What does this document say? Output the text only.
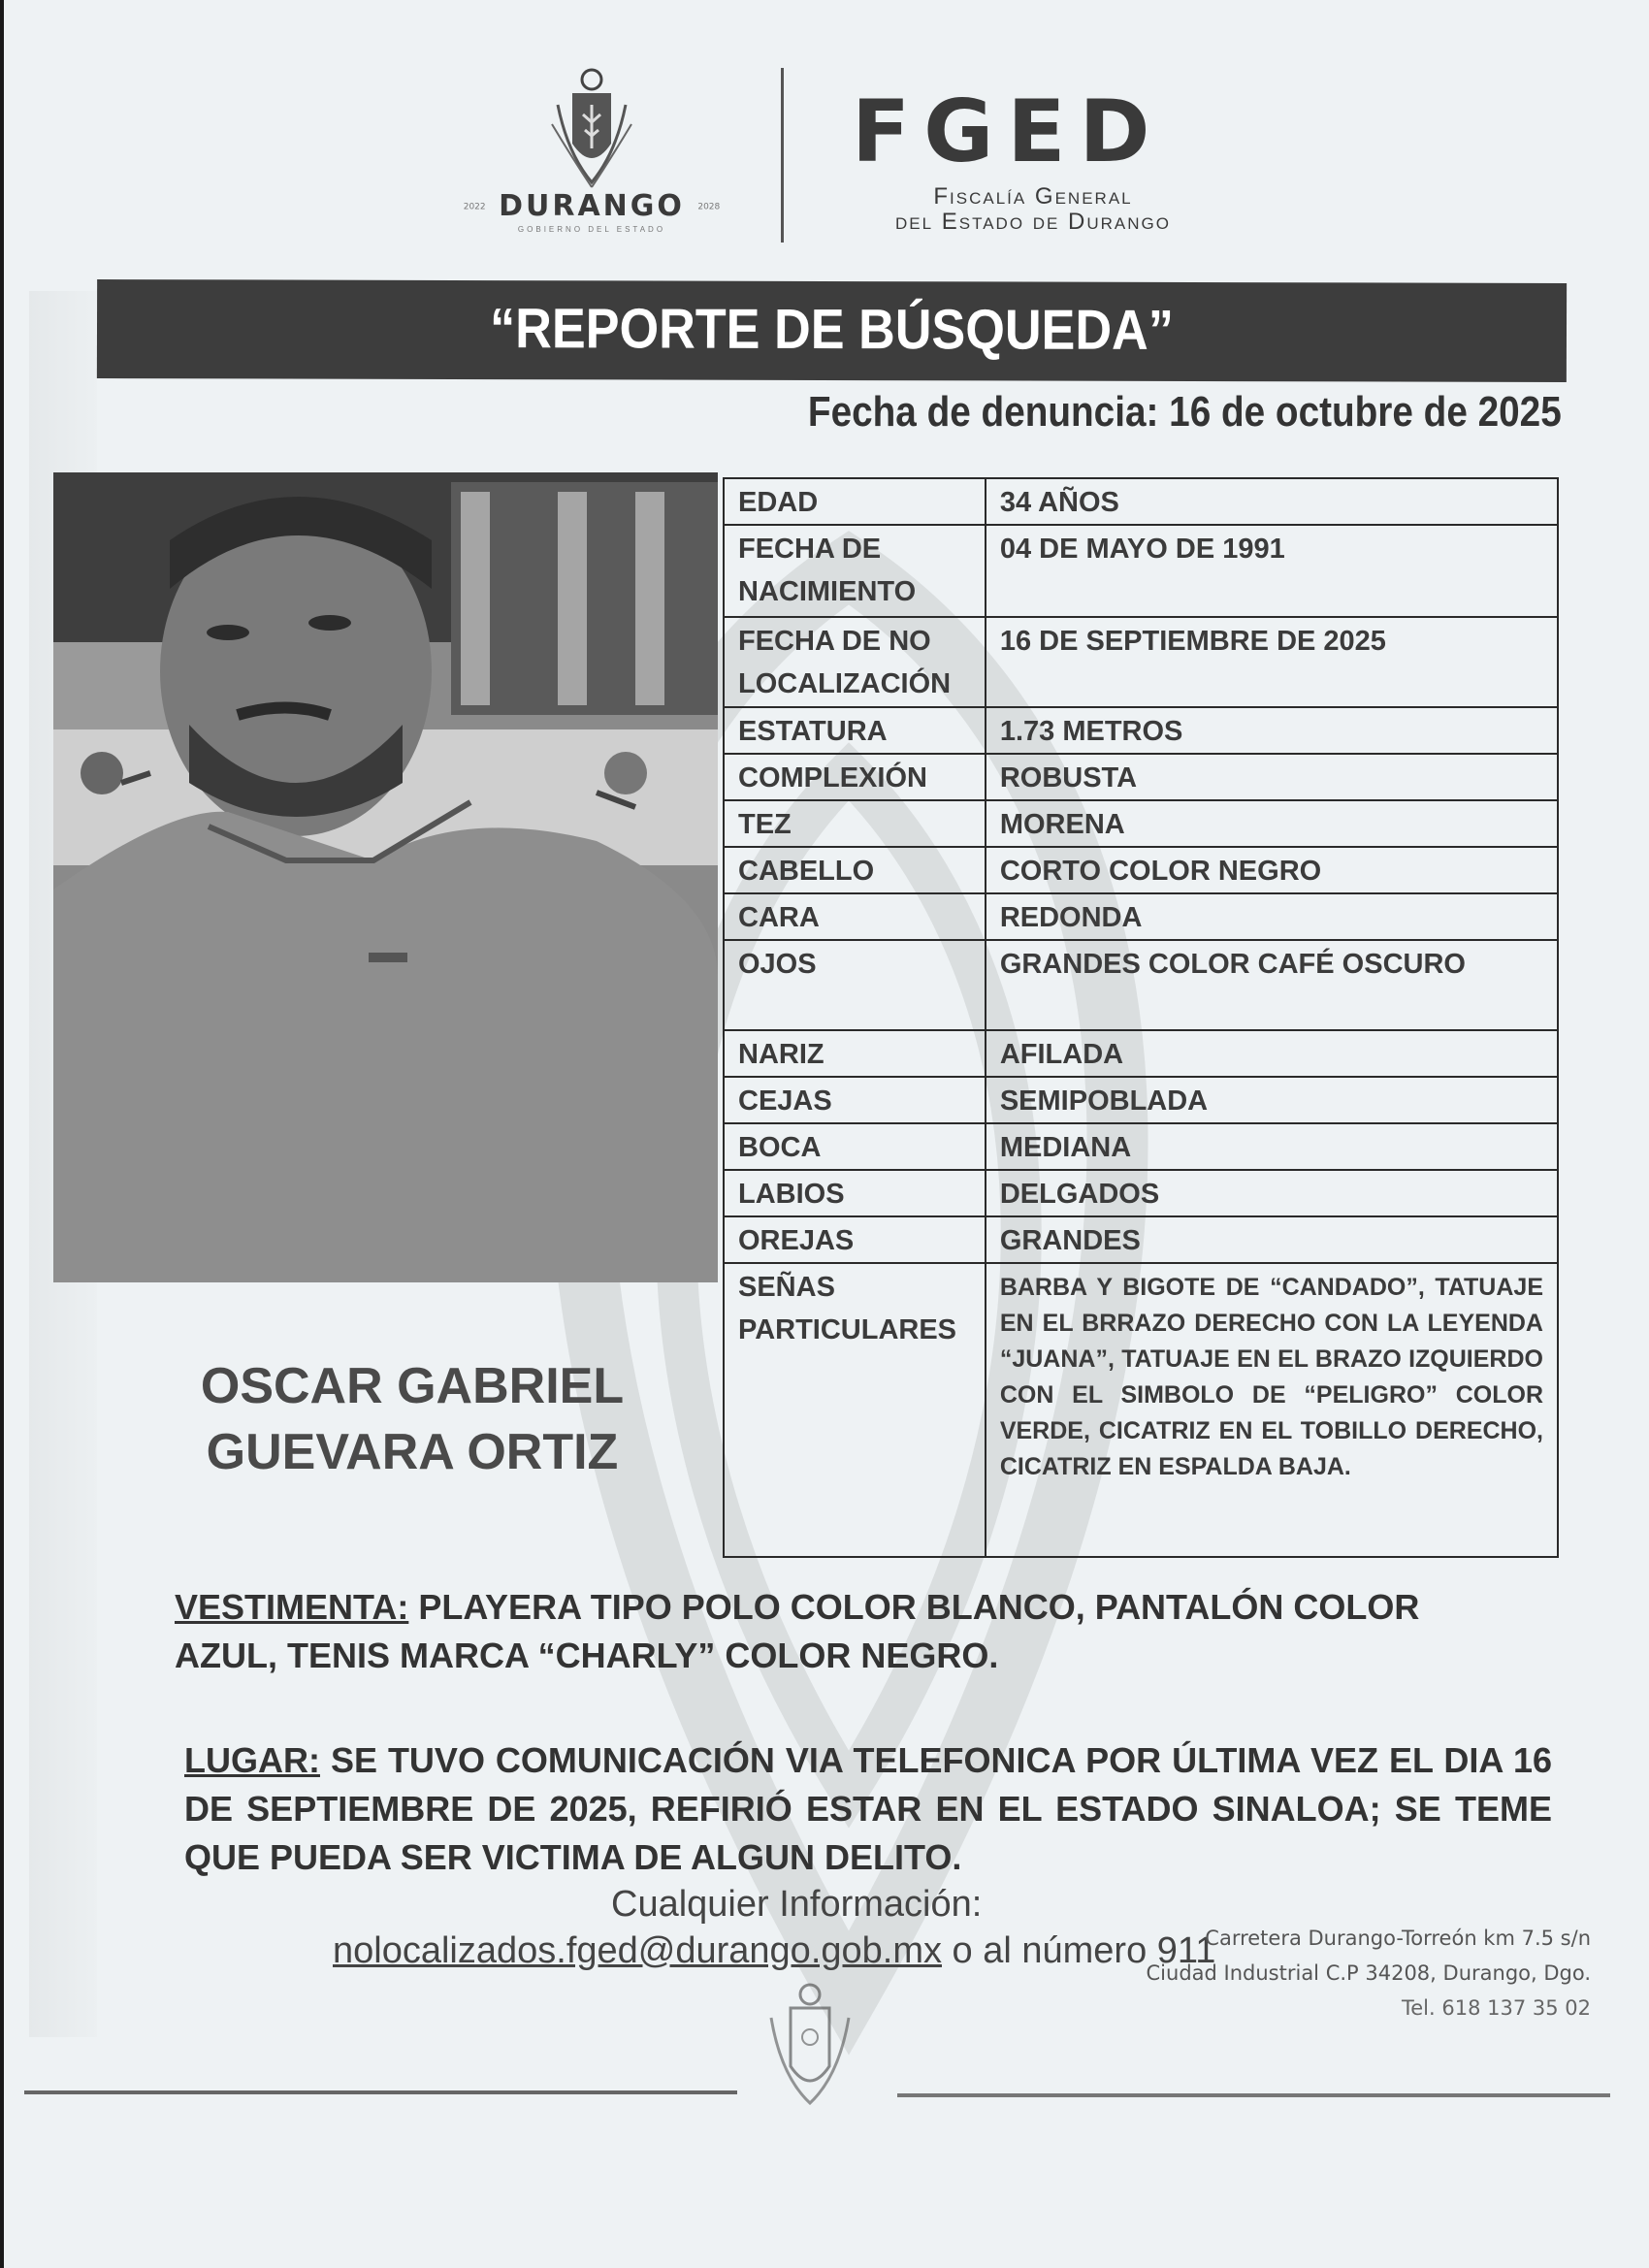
2022 DURANGO 2028
GOBIERNO DEL ESTADO
FGED
Fiscalía General
del Estado de Durango
“REPORTE DE BÚSQUEDA”
Fecha de denuncia: 16 de octubre de 2025
EDAD	34 AÑOS
FECHA DE NACIMIENTO	04 DE MAYO DE 1991
FECHA DE NO LOCALIZACIÓN	16 DE SEPTIEMBRE DE 2025
ESTATURA	1.73 METROS
COMPLEXIÓN	ROBUSTA
TEZ	MORENA
CABELLO	CORTO COLOR NEGRO
CARA	REDONDA
OJOS	GRANDES COLOR CAFÉ OSCURO
NARIZ	AFILADA
CEJAS	SEMIPOBLADA
BOCA	MEDIANA
LABIOS	DELGADOS
OREJAS	GRANDES
SEÑAS PARTICULARES	BARBA Y BIGOTE DE “CANDADO”, TATUAJE EN EL BRRAZO DERECHO CON LA LEYENDA “JUANA”, TATUAJE EN EL BRAZO IZQUIERDO CON EL SIMBOLO DE “PELIGRO” COLOR VERDE, CICATRIZ EN EL TOBILLO DERECHO, CICATRIZ EN ESPALDA BAJA.
OSCAR GABRIEL
GUEVARA ORTIZ
VESTIMENTA: PLAYERA TIPO POLO COLOR BLANCO, PANTALÓN COLOR AZUL, TENIS MARCA “CHARLY” COLOR NEGRO.
LUGAR: SE TUVO COMUNICACIÓN VIA TELEFONICA POR ÚLTIMA VEZ EL DIA 16 DE SEPTIEMBRE DE 2025, REFIRIÓ ESTAR EN EL ESTADO SINALOA; SE TEME QUE PUEDA SER VICTIMA DE ALGUN DELITO.
Cualquier Información:
nolocalizados.fged@durango.gob.mx o al número 911
Carretera Durango-Torreón km 7.5 s/n
Ciudad Industrial C.P 34208, Durango, Dgo.
Tel. 618 137 35 02
